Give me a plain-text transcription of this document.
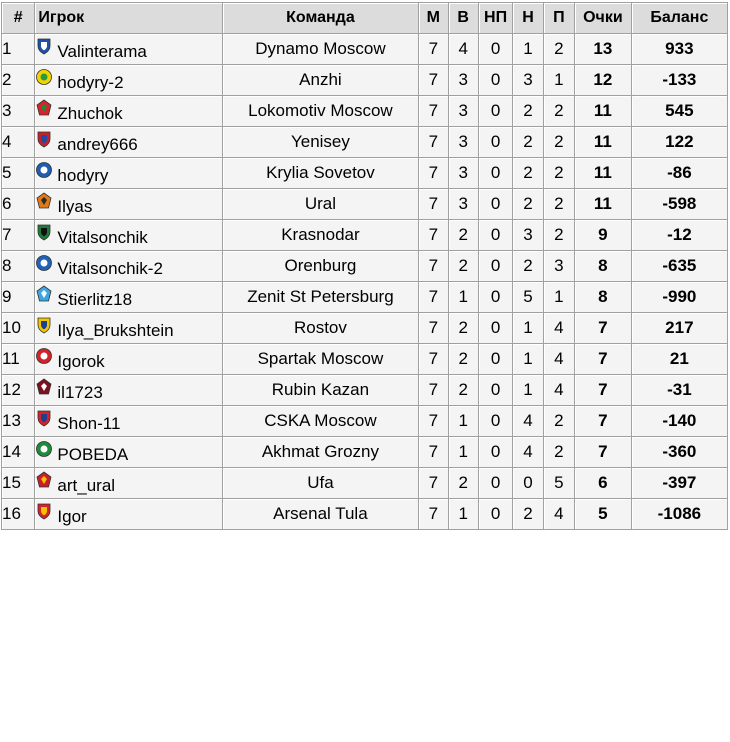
#	Игрок	Команда	М	В	НП	Н	П	Очки	Баланс
1	Valinterama	Dynamo Moscow	7	4	0	1	2	13	933
2	hodyry-2	Anzhi	7	3	0	3	1	12	-133
3	Zhuchok	Lokomotiv Moscow	7	3	0	2	2	11	545
4	andrey666	Yenisey	7	3	0	2	2	11	122
5	hodyry	Krylia Sovetov	7	3	0	2	2	11	-86
6	Ilyas	Ural	7	3	0	2	2	11	-598
7	Vitalsonchik	Krasnodar	7	2	0	3	2	9	-12
8	Vitalsonchik-2	Orenburg	7	2	0	2	3	8	-635
9	Stierlitz18	Zenit St Petersburg	7	1	0	5	1	8	-990
10	Ilya_Brukshtein	Rostov	7	2	0	1	4	7	217
11	Igorok	Spartak Moscow	7	2	0	1	4	7	21
12	il1723	Rubin Kazan	7	2	0	1	4	7	-31
13	Shon-11	CSKA Moscow	7	1	0	4	2	7	-140
14	POBEDA	Akhmat Grozny	7	1	0	4	2	7	-360
15	art_ural	Ufa	7	2	0	0	5	6	-397
16	Igor	Arsenal Tula	7	1	0	2	4	5	-1086
